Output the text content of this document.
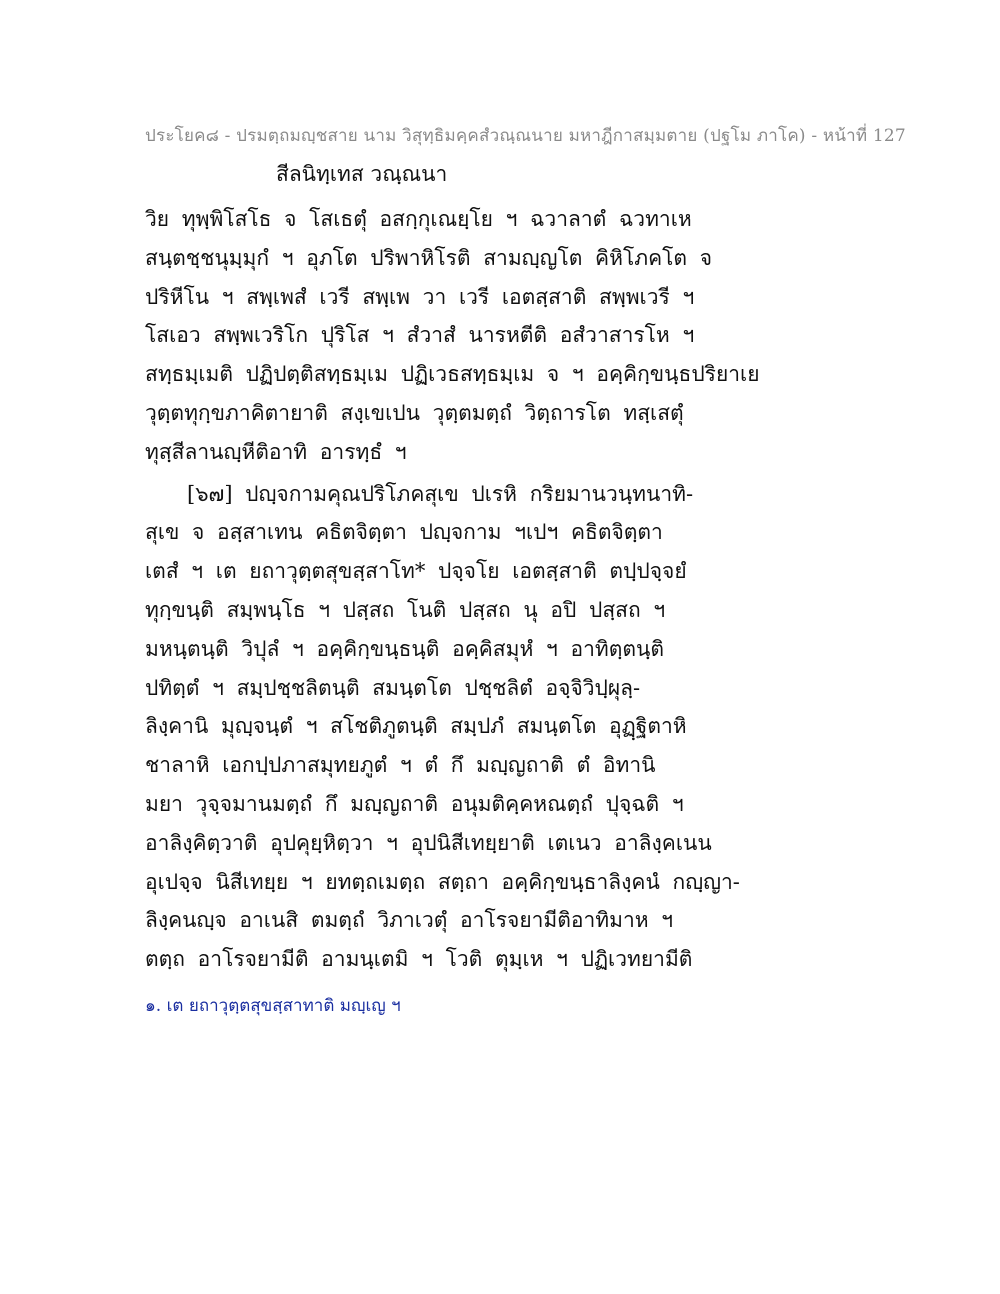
ประโยค๘ - ปรมตฺถมญฺชสาย นาม วิสุทฺธิมคฺคสํวณฺณนาย มหาฎีกาสมฺมตาย (ปฐโม ภาโค) - หน้าที่ 127
สีลนิทฺเทส วณฺณนา
วิย ทุพฺพิโสโธ จ โสเธตุํ อสกฺกุเณยฺโย ฯ ฉวาลาตํ ฉวทาเห
สนฺตชฺชนุมฺมุกํ ฯ อุภโต ปริพาหิโรติ สามญฺญโต คิหิโภคโต จ
ปริหีโน ฯ สพฺเพสํ เวรี สพฺเพ วา เวรี เอตสฺสาติ สพฺพเวรี ฯ
โสเอว สพฺพเวริโก ปุริโส ฯ สํวาสํ นารหตีติ อสํวาสารโห ฯ
สทฺธมฺเมติ ปฏิปตฺติสทฺธมฺเม ปฏิเวธสทฺธมฺเม จ ฯ อคฺคิกฺขนฺธปริยาเย
วุตฺตทุกฺขภาคิตายาติ สงฺเขเปน วุตฺตมตฺถํ วิตฺถารโต ทสฺเสตุํ
ทุสฺสีลานญฺหีติอาทิ อารทฺธํ ฯ
[๖๗] ปญฺจกามคุณปริโภคสุเข ปเรหิ กริยมานวนฺทนาทิ-
สุเข จ อสฺสาเทน คธิตจิตฺตา ปญฺจกาม ฯเปฯ คธิตจิตฺตา
เตสํ ฯ เต ยถาวุตฺตสุขสฺสาโท* ปจฺจโย เอตสฺสาติ ตปฺปจฺจยํ
ทุกฺขนฺติ สมฺพนฺโธ ฯ ปสฺสถ โนติ ปสฺสถ นุ อปิ ปสฺสถ ฯ
มหนฺตนฺติ วิปุลํ ฯ อคฺคิกฺขนฺธนฺติ อคฺคิสมุหํ ฯ อาทิตฺตนฺติ
ปทิตฺตํ ฯ สมฺปชฺชลิตนฺติ สมนฺตโต ปชฺชลิตํ อจฺจิวิปฺผุลฺ-
ลิงฺคานิ มุญฺจนฺตํ ฯ สโชติภูตนฺติ สมฺปภํ สมนฺตโต อุฏฺฐิตาหิ
ชาลาหิ เอกปฺปภาสมุทยภูตํ ฯ ตํ กึ มญฺญถาติ ตํ อิทานิ
มยา วุจฺจมานมตฺถํ กึ มญฺญถาติ อนุมติคฺคหณตฺถํ ปุจฺฉติ ฯ
อาลิงฺคิตฺวาติ อุปคุยฺหิตฺวา ฯ อุปนิสีเทยฺยาติ เตเนว อาลิงฺคเนน
อุเปจฺจ นิสีเทยฺย ฯ ยทตฺถเมตฺถ สตฺถา อคฺคิกฺขนฺธาลิงฺคนํ กญฺญา-
ลิงฺคนญฺจ อาเนสิ ตมตฺถํ วิภาเวตุํ อาโรจยามีติอาทิมาห ฯ
ตตฺถ อาโรจยามีติ อามนฺเตมิ ฯ โวติ ตุมฺเห ฯ ปฏิเวทยามีติ
๑. เต ยถาวุตฺตสุขสฺสาทาติ มญฺเญ ฯ
